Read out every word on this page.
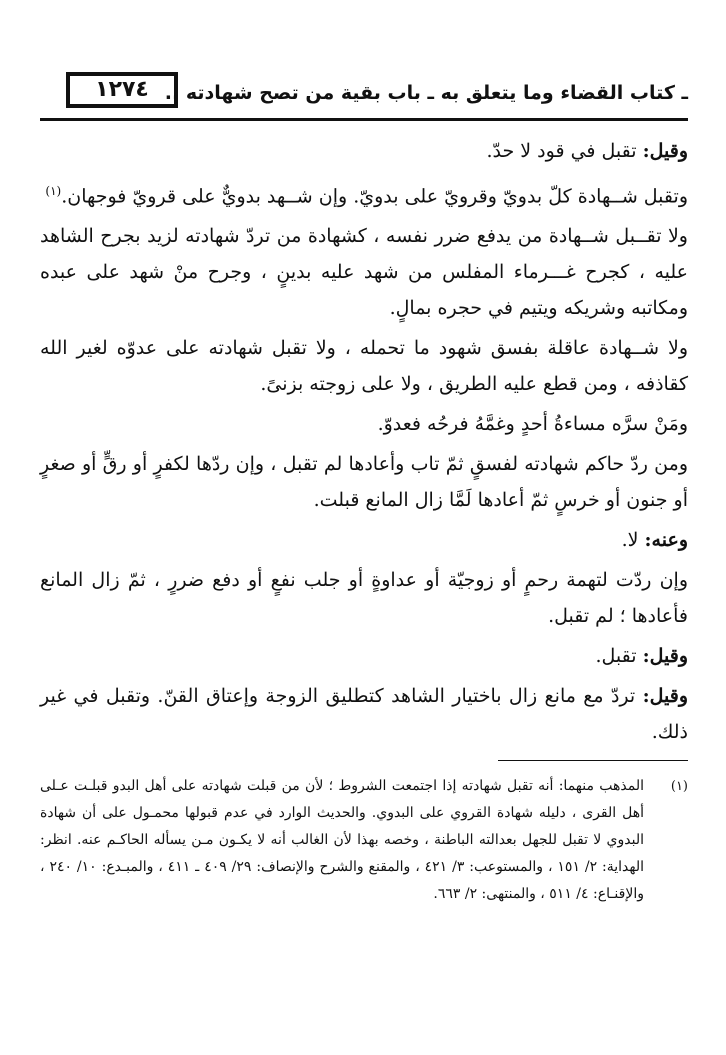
١٢٧٤ ـ كتاب القضاء وما يتعلق به ـ باب بقية من تصح شهادته ..

وقيل: تقبل في قود لا حدّ.

وتقبل شــهادة كلّ بدويّ وقرويّ على بدويّ. وإن شــهد بدويٌّ على قرويّ فوجهان.$^{(١)}$

ولا تقــبل شــهادة من يدفع ضرر نفسه ، كشهادة من تردّ شهادته لزيد بجرح الشاهد عليه ، كجرح غـــرماء المفلس من شهد عليه بدينٍ ، وجرح منْ شهد على عبده ومكاتبه وشريكه ويتيم في حجره بمالٍ.

ولا شــهادة عاقلة بفسق شهود ما تحمله ، ولا تقبل شهادته على عدوّه لغير الله كقاذفه ، ومن قطع عليه الطريق ، ولا على زوجته بزنىً.

ومَنْ سرَّه مساءةُ أحدٍ وغمَّهُ فرحُه فعدوّ.

ومن ردّ حاكم شهادته لفسقٍ ثمّ تاب وأعادها لم تقبل ، وإن ردّها لكفرٍ أو رقٍّ أو صغرٍ أو جنون أو خرسٍ ثمّ أعادها لَمَّا زال المانع قبلت.

وعنه: لا.

وإن ردّت لتهمة رحمٍ أو زوجيّة أو عداوةٍ أو جلب نفعٍ أو دفع ضررٍ ، ثمّ زال المانع فأعادها ؛ لم تقبل.

وقيل: تقبل.

وقيل: تردّ مع مانع زال باختيار الشاهد كتطليق الزوجة وإعتاق القنّ. وتقبل في غير ذلك.

(١)
المذهب منهما: أنه تقبل شهادته إذا اجتمعت الشروط ؛ لأن من قبلت شهادته على أهل البدو قبلـت عـلى أهل القرى ، دليله شهادة القروي على البدوي. والحديث الوارد في عدم قبولها محمـول على أن شهادة البدوي لا تقبل للجهل بعدالته الباطنة ، وخصه بهذا لأن الغالب أنه لا يكـون مـن يسأله الحاكـم عنه. انظر: الهداية: ٢/ ١٥١ ، والمستوعب: ٣/ ٤٢١ ، والمقنع والشرح والإنصاف: ٢٩/ ٤٠٩ ـ ٤١١ ، والمبـدع: ١٠/ ٢٤٠ ، والإقنـاع: ٤/ ٥١١ ، والمنتهى: ٢/ ٦٦٣.
